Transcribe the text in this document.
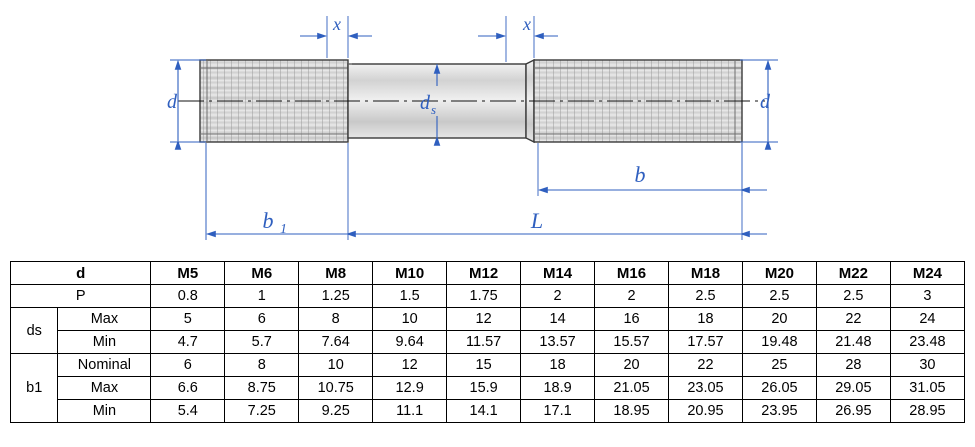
x	x
d	d
d s
b
b 1	L
d		M5	M6	M8	M10	M12	M14	M16	M18	M20	M22	M24
P		0.8	1	1.25	1.5	1.75	2	2	2.5	2.5	2.5	3
ds	Max	5	6	8	10	12	14	16	18	20	22	24
	Min	4.7	5.7	7.64	9.64	11.57	13.57	15.57	17.57	19.48	21.48	23.48
b1	Nominal	6	8	10	12	15	18	20	22	25	28	30
	Max	6.6	8.75	10.75	12.9	15.9	18.9	21.05	23.05	26.05	29.05	31.05
	Min	5.4	7.25	9.25	11.1	14.1	17.1	18.95	20.95	23.95	26.95	28.95
